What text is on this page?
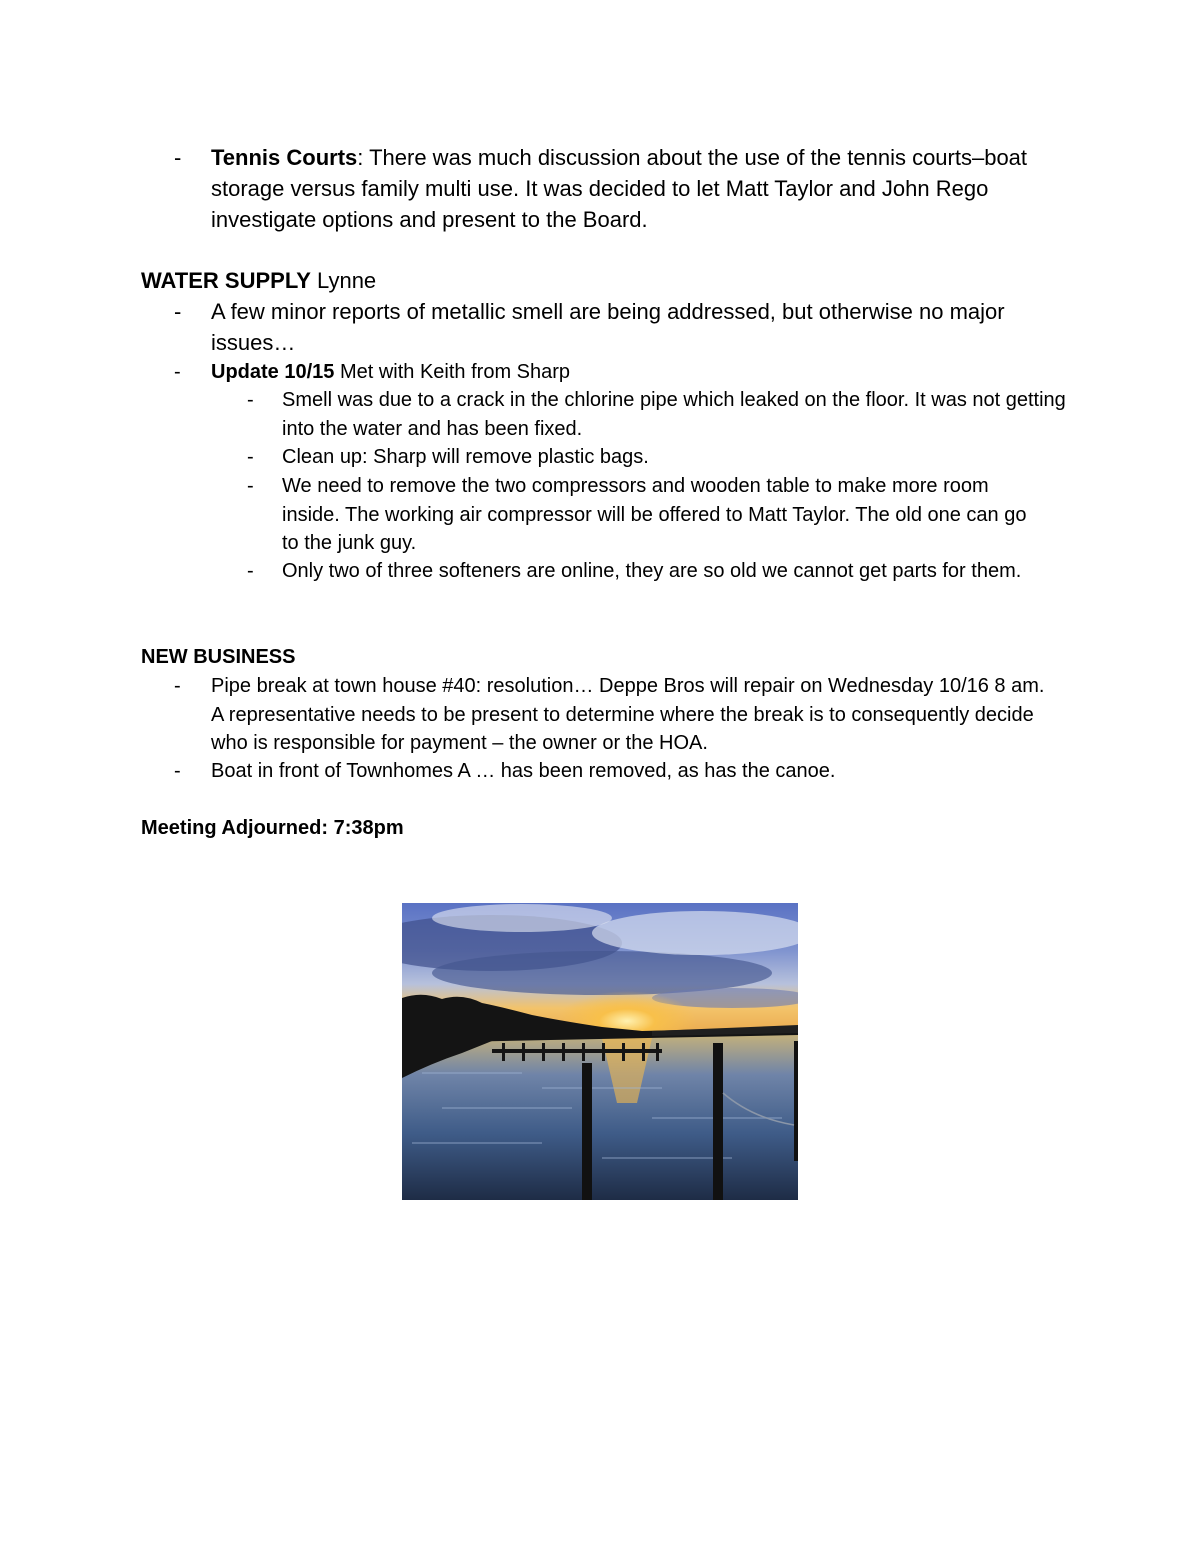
- Tennis Courts: There was much discussion about the use of the tennis courts–boat storage versus family multi use. It was decided to let Matt Taylor and John Rego investigate options and present to the Board.
WATER SUPPLY Lynne
- A few minor reports of metallic smell are being addressed, but otherwise no major issues…
- Update 10/15 Met with Keith from Sharp
- Smell was due to a crack in the chlorine pipe which leaked on the floor. It was not getting into the water and has been fixed.
- Clean up: Sharp will remove plastic bags.
- We need to remove the two compressors and wooden table to make more room inside. The working air compressor will be offered to Matt Taylor. The old one can go to the junk guy.
- Only two of three softeners are online, they are so old we cannot get parts for them.
NEW BUSINESS
- Pipe break at town house #40: resolution… Deppe Bros will repair on Wednesday 10/16 8 am. A representative needs to be present to determine where the break is to consequently decide who is responsible for payment – the owner or the HOA.
- Boat in front of Townhomes A … has been removed, as has the canoe.
Meeting Adjourned: 7:38pm
